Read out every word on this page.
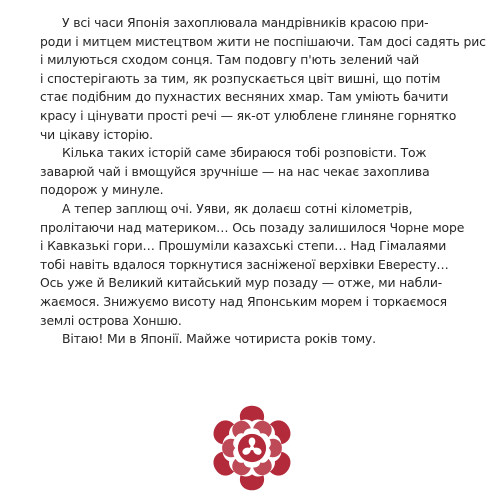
У всі часи Японія захоплювала мандрівників красою при-
роди і митцем мистецтвом жити не поспішаючи. Там досі садять рис
і милуються сходом сонця. Там подовгу п'ють зелений чай
і спостерігають за тим, як розпускається цвіт вишні, що потім
стає подібним до пухнастих весняних хмар. Там уміють бачити
красу і цінувати прості речі — як-от улюблене глиняне горнятко
чи цікаву історію.
Кілька таких історій саме збираюся тобі розповісти. Тож
заварюй чай і вмощуйся зручніше — на нас чекає захоплива
подорож у минуле.
А тепер заплющ очі. Уяви, як долаєш сотні кілометрів,
пролітаючи над материком… Ось позаду залишилося Чорне море
і Кавказькі гори… Прошуміли казахські степи… Над Гімалаями
тобі навіть вдалося торкнутися засніженої верхівки Евересту…
Ось уже й Великий китайський мур позаду — отже, ми набли-
жаємося. Знижуємо висоту над Японським морем і торкаємося
землі острова Хоншю.
Вітаю! Ми в Японії. Майже чотириста років тому.
